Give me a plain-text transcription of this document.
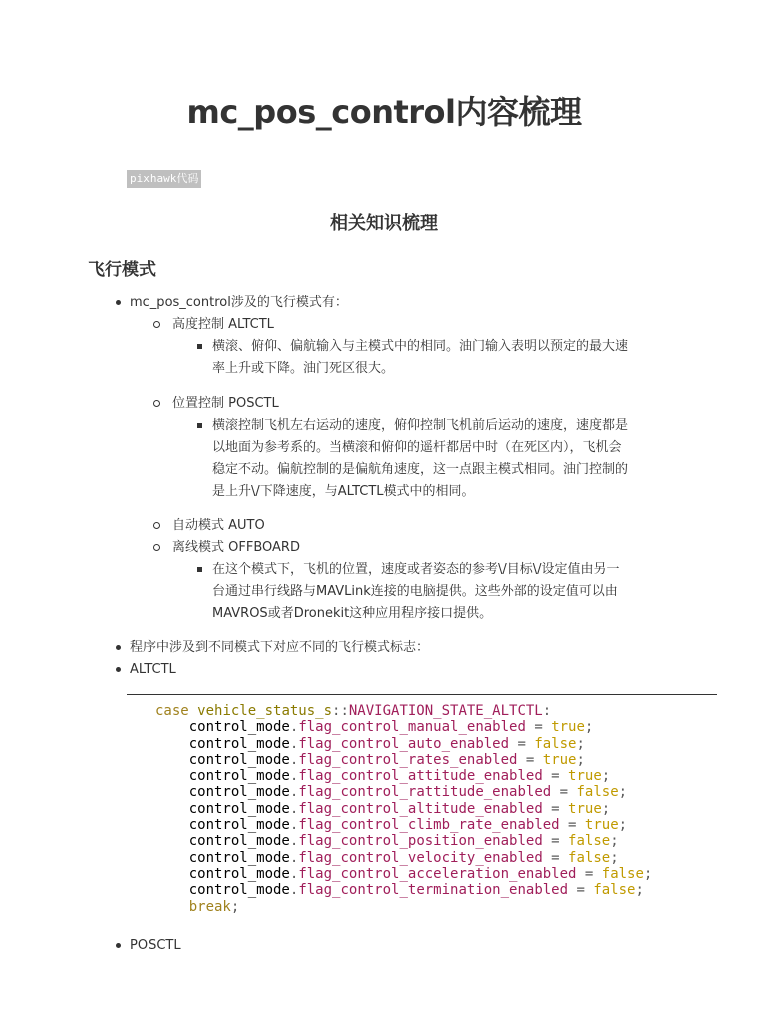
mc_pos_control内容梳理
pixhawk代码
相关知识梳理
飞行模式
mc_pos_control涉及的飞行模式有：
高度控制 ALTCTL
横滚、俯仰、偏航输入与主模式中的相同。油门输入表明以预定的最大速
率上升或下降。油门死区很大。
位置控制 POSCTL
横滚控制飞机左右运动的速度，俯仰控制飞机前后运动的速度，速度都是
以地面为参考系的。当横滚和俯仰的遥杆都居中时（在死区内），飞机会
稳定不动。偏航控制的是偏航角速度，这一点跟主模式相同。油门控制的
是上升\/下降速度，与ALTCTL模式中的相同。
自动模式 AUTO
离线模式 OFFBOARD
在这个模式下，飞机的位置，速度或者姿态的参考\/目标\/设定值由另一
台通过串行线路与MAVLink连接的电脑提供。这些外部的设定值可以由
MAVROS或者Dronekit这种应用程序接口提供。
程序中涉及到不同模式下对应不同的飞行模式标志：
ALTCTL
case vehicle_status_s::NAVIGATION_STATE_ALTCTL:
control_mode.flag_control_manual_enabled = true;
control_mode.flag_control_auto_enabled = false;
control_mode.flag_control_rates_enabled = true;
control_mode.flag_control_attitude_enabled = true;
control_mode.flag_control_rattitude_enabled = false;
control_mode.flag_control_altitude_enabled = true;
control_mode.flag_control_climb_rate_enabled = true;
control_mode.flag_control_position_enabled = false;
control_mode.flag_control_velocity_enabled = false;
control_mode.flag_control_acceleration_enabled = false;
control_mode.flag_control_termination_enabled = false;
break;
POSCTL
